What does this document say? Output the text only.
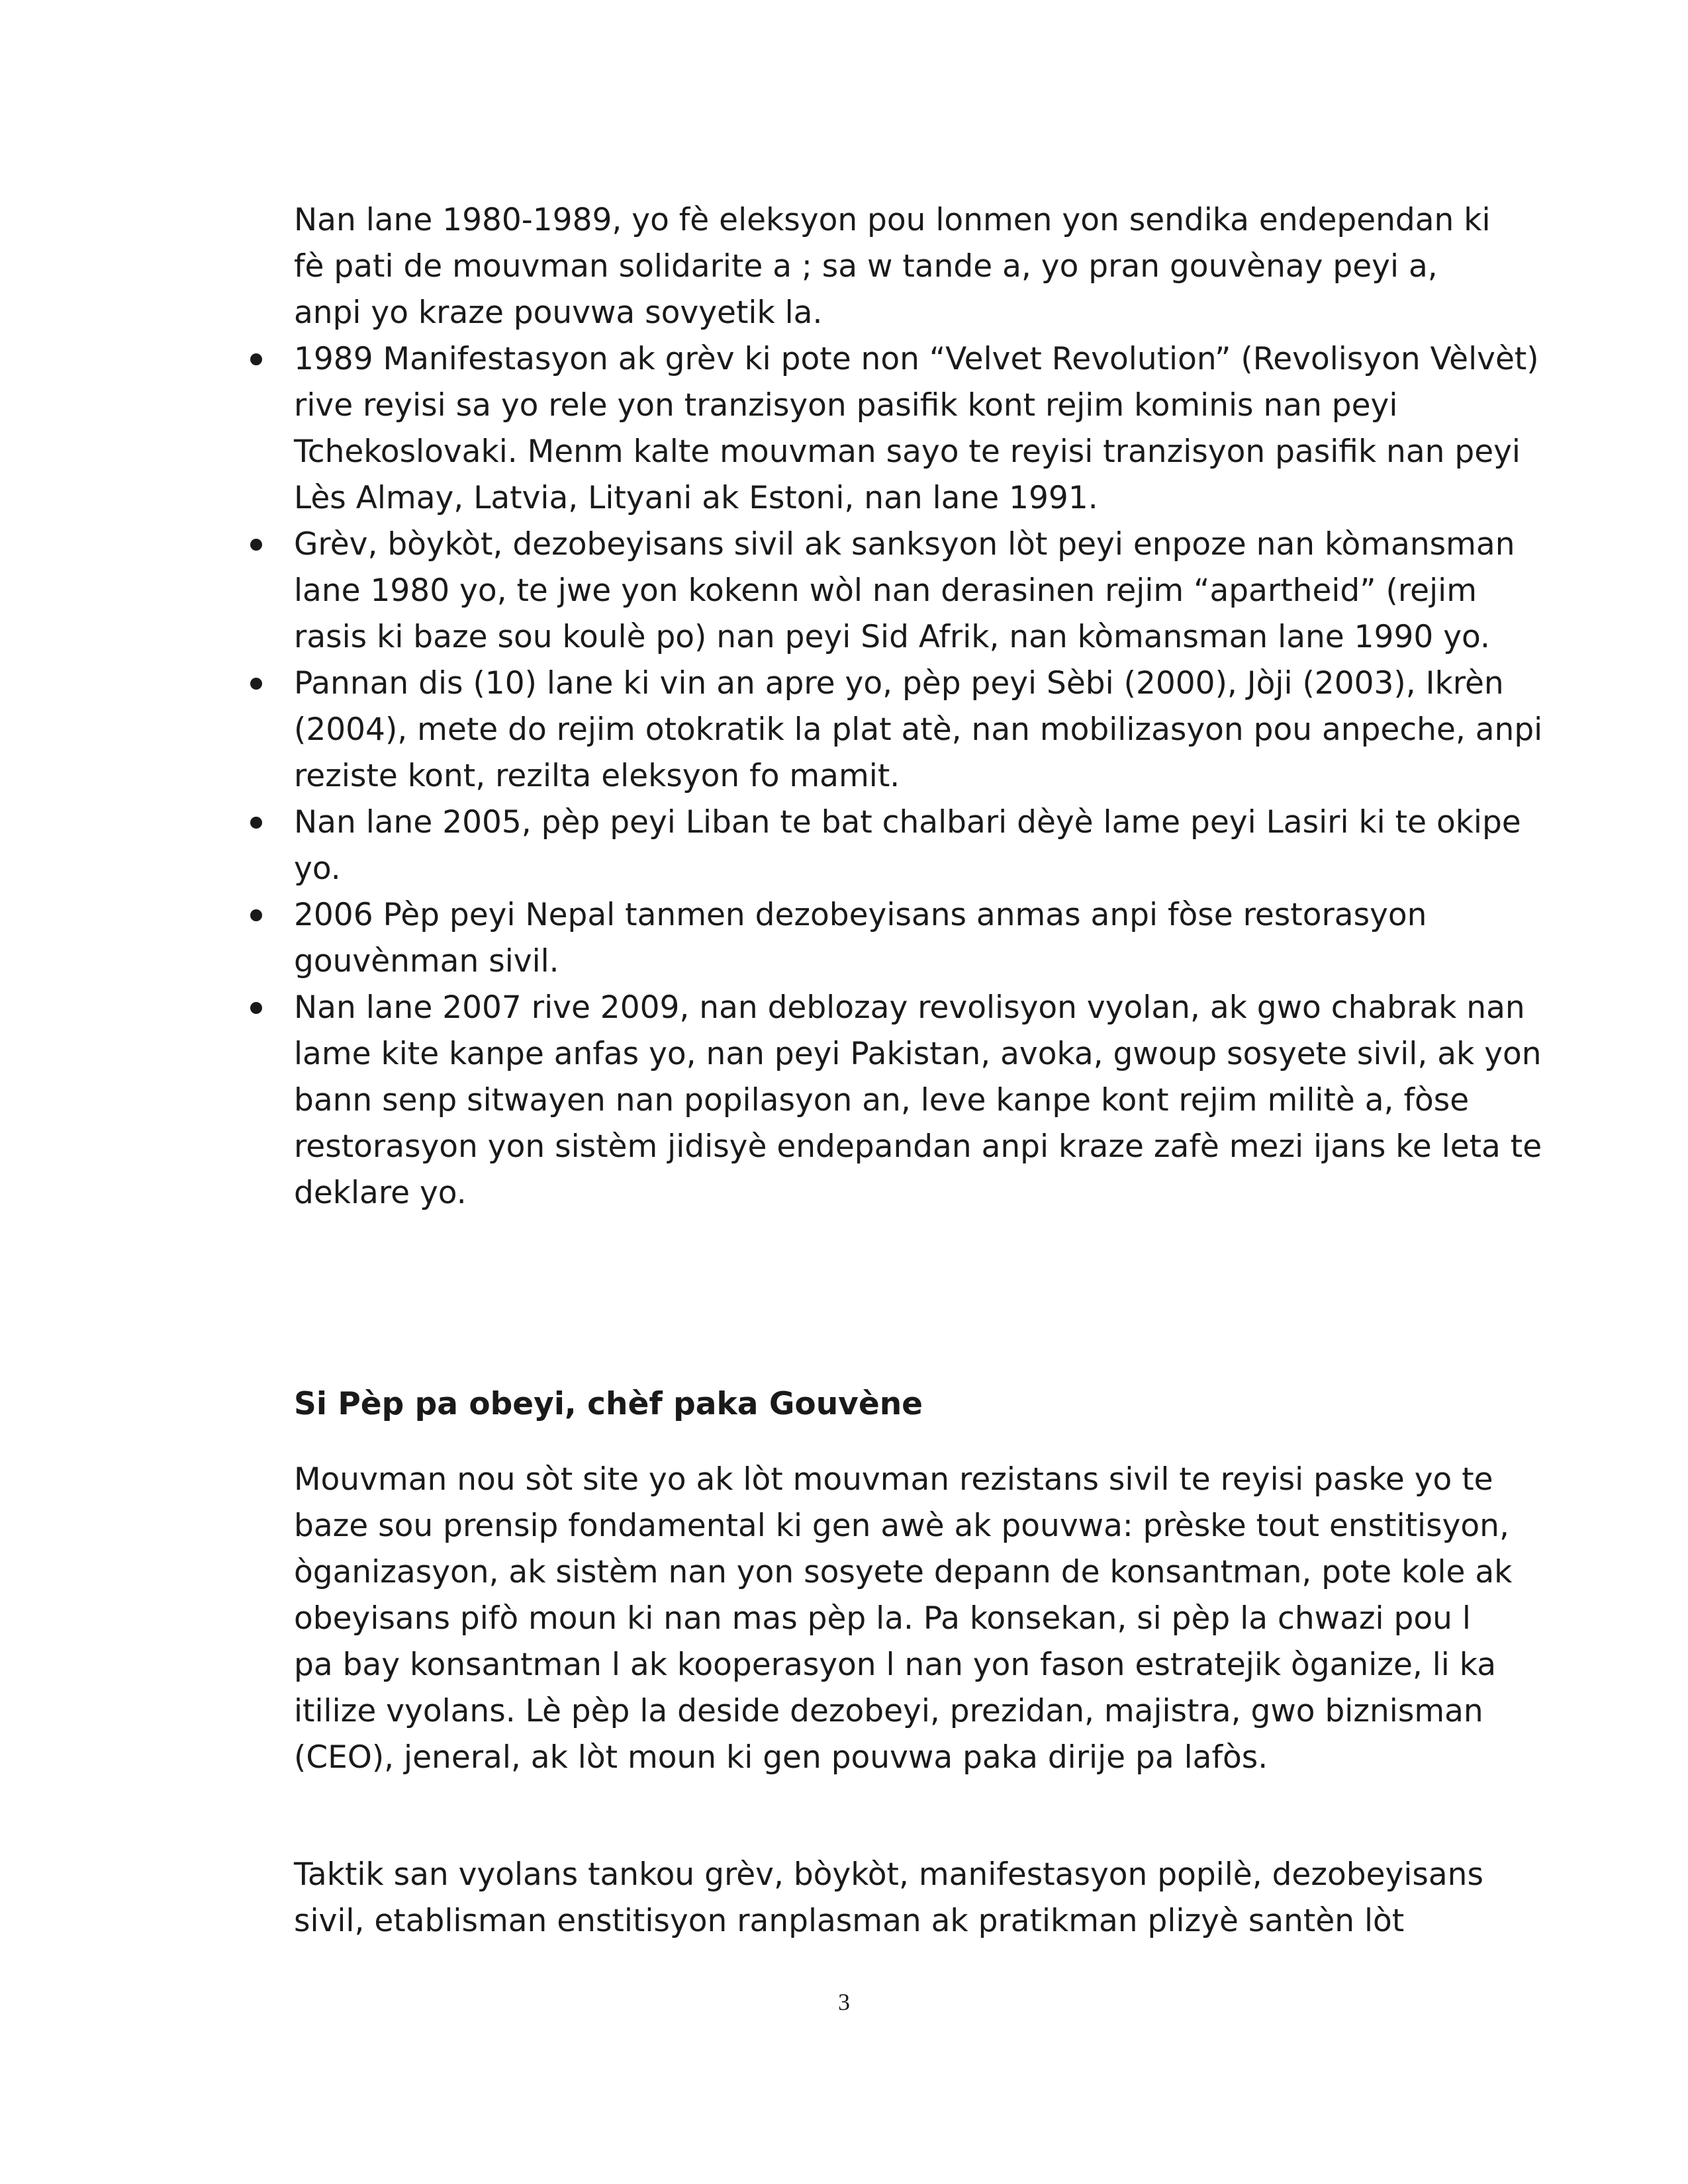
Nan lane 1980-1989, yo fè eleksyon pou lonmen yon sendika endependan ki fè pati de mouvman solidarite a ; sa w tande a, yo pran gouvènay peyi a, anpi yo kraze pouvwa sovyetik la.

1989 Manifestasyon ak grèv ki pote non “Velvet Revolution” (Revolisyon Vèlvèt) rive reyisi sa yo rele yon tranzisyon pasifik kont rejim kominis nan peyi Tchekoslovaki. Menm kalte mouvman sayo te reyisi tranzisyon pasifik nan peyi Lès Almay, Latvia, Lityani ak Estoni, nan lane 1991.
Grèv, bòykòt, dezobeyisans sivil ak sanksyon lòt peyi enpoze nan kòmansman lane 1980 yo, te jwe yon kokenn wòl nan derasinen rejim “apartheid” (rejim rasis ki baze sou koulè po) nan peyi Sid Afrik, nan kòmansman lane 1990 yo.
Pannan dis (10) lane ki vin an apre yo, pèp peyi Sèbi (2000), Jòji (2003), Ikrèn (2004), mete do rejim otokratik la plat atè, nan mobilizasyon pou anpeche, anpi reziste kont, rezilta eleksyon fo mamit.
Nan lane 2005, pèp peyi Liban te bat chalbari dèyè lame peyi Lasiri ki te okipe yo.
2006 Pèp peyi Nepal tanmen dezobeyisans anmas anpi fòse restorasyon gouvènman sivil.
Nan lane 2007 rive 2009, nan deblozay revolisyon vyolan, ak gwo chabrak nan lame kite kanpe anfas yo, nan peyi Pakistan, avoka, gwoup sosyete sivil, ak yon bann senp sitwayen nan popilasyon an, leve kanpe kont rejim militè a, fòse restorasyon yon sistèm jidisyè endepandan anpi kraze zafè mezi ijans ke leta te deklare yo.
Si Pèp pa obeyi, chèf paka Gouvène

Mouvman nou sòt site yo ak lòt mouvman rezistans sivil te reyisi paske yo te baze sou prensip fondamental ki gen awè ak pouvwa: prèske tout enstitisyon, òganizasyon, ak sistèm nan yon sosyete depann de konsantman, pote kole ak obeyisans pifò moun ki nan mas pèp la. Pa konsekan, si pèp la chwazi pou l pa bay konsantman l ak kooperasyon l nan yon fason estratejik òganize, li ka itilize vyolans. Lè pèp la deside dezobeyi, prezidan, majistra, gwo biznisman (CEO), jeneral, ak lòt moun ki gen pouvwa paka dirije pa lafòs.

Taktik san vyolans tankou grèv, bòykòt, manifestasyon popilè, dezobeyisans sivil, etablisman enstitisyon ranplasman ak pratikman plizyè santèn lòt

3
